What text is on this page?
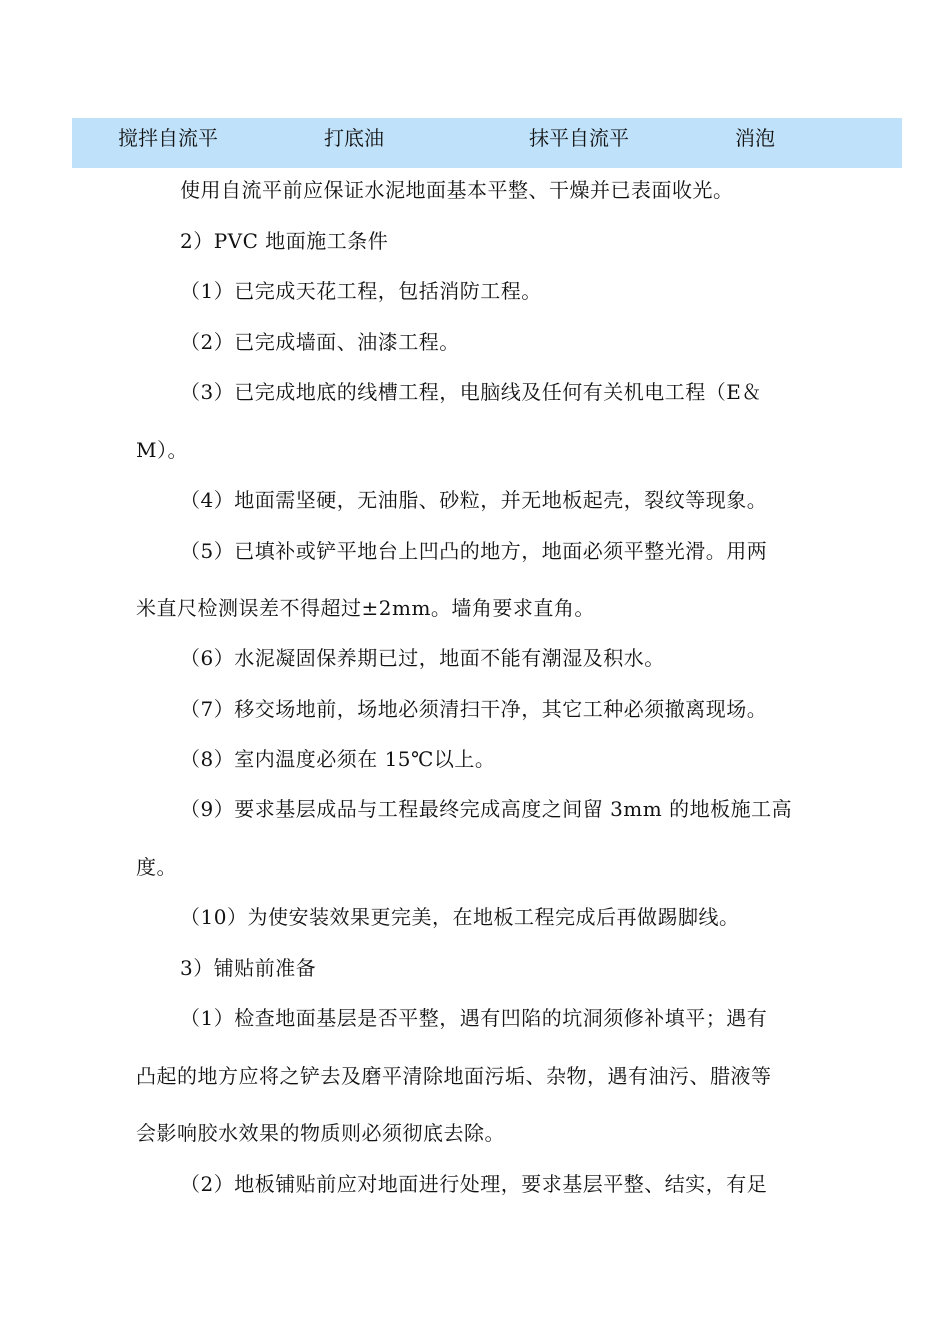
搅拌自流平	打底油	抹平自流平	消泡
使用自流平前应保证水泥地面基本平整、干燥并已表面收光。
2）PVC 地面施工条件
（1）已完成天花工程，包括消防工程。
（2）已完成墙面、油漆工程。
（3）已完成地底的线槽工程，电脑线及任何有关机电工程（E＆
M）。
（4）地面需坚硬，无油脂、砂粒，并无地板起壳，裂纹等现象。
（5）已填补或铲平地台上凹凸的地方，地面必须平整光滑。用两
米直尺检测误差不得超过±2mm。墙角要求直角。
（6）水泥凝固保养期已过，地面不能有潮湿及积水。
（7）移交场地前，场地必须清扫干净，其它工种必须撤离现场。
（8）室内温度必须在 15℃以上。
（9）要求基层成品与工程最终完成高度之间留 3mm 的地板施工高
度。
（10）为使安装效果更完美，在地板工程完成后再做踢脚线。
3）铺贴前准备
（1）检查地面基层是否平整，遇有凹陷的坑洞须修补填平；遇有
凸起的地方应将之铲去及磨平清除地面污垢、杂物，遇有油污、腊液等
会影响胶水效果的物质则必须彻底去除。
（2）地板铺贴前应对地面进行处理，要求基层平整、结实，有足
